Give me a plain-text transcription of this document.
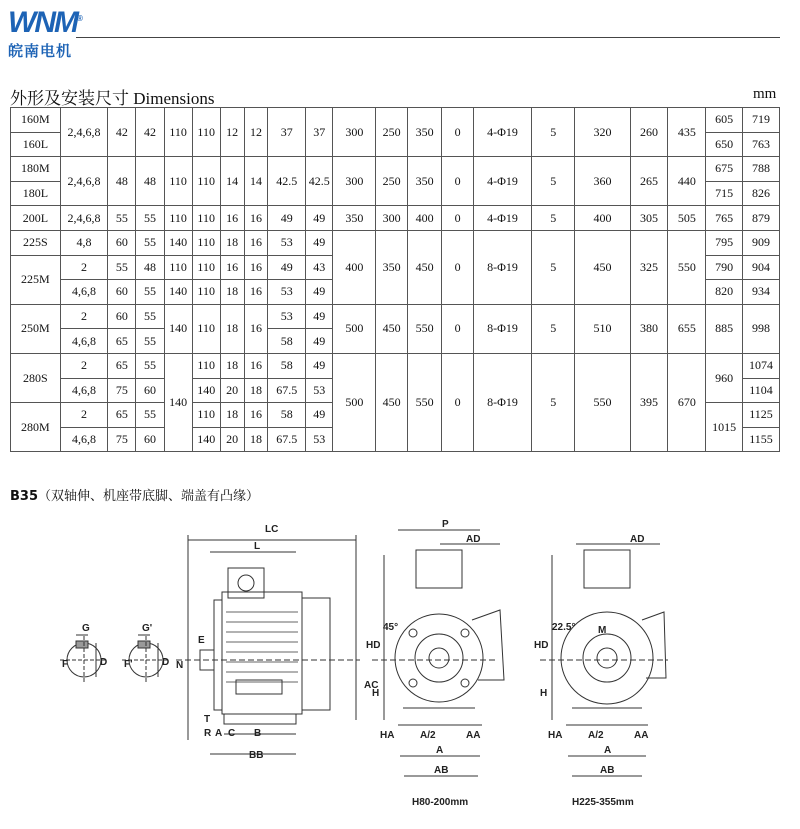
WNM®
皖南电机
外形及安装尺寸 Dimensions	mm
160M	2,4,6,8	42	42	110	110	12	12	37	37	300	250	350	0	4-Φ19	5	320	260	435	605	719
160L																			650	763
180M	2,4,6,8	48	48	110	110	14	14	42.5	42.5	300	250	350	0	4-Φ19	5	360	265	440	675	788
180L																			715	826
200L	2,4,6,8	55	55	110	110	16	16	49	49	350	300	400	0	4-Φ19	5	400	305	505	765	879
225S	4,8	60	55	140	110	18	16	53	49	400	350	450	0	8-Φ19	5	450	325	550	795	909
225M	2	55	48	110	110	16	16	49	43										790	904
	4,6,8	60	55	140	110	18	16	53	49										820	934
250M	2	60	55	140	110	18	16	53	49	500	450	550	0	8-Φ19	5	510	380	655	885	998
	4,6,8	65	55					58	49											
280S	2	65	55	140	110	18	16	58	49	500	450	550	0	8-Φ19	5	550	395	670	960	1074
	4,6,8	75	60		140	20	18	67.5	53											1104
280M	2	65	55		110	18	16	58	49										1015	1125
	4,6,8	75	60		140	20	18	67.5	53											1155
B35（双轴伸、机座带底脚、端盖有凸缘）
G
F	D
G'
F'	D
LC
L
E
N
C B
BB
R
T
A
AC
P
AD
45°
HD
H
HA	A/2
A
AB
AA
AD
22.5°
HD
M
H
HA	A/2
A
AB
AA
H80-200mm	H225-355mm
